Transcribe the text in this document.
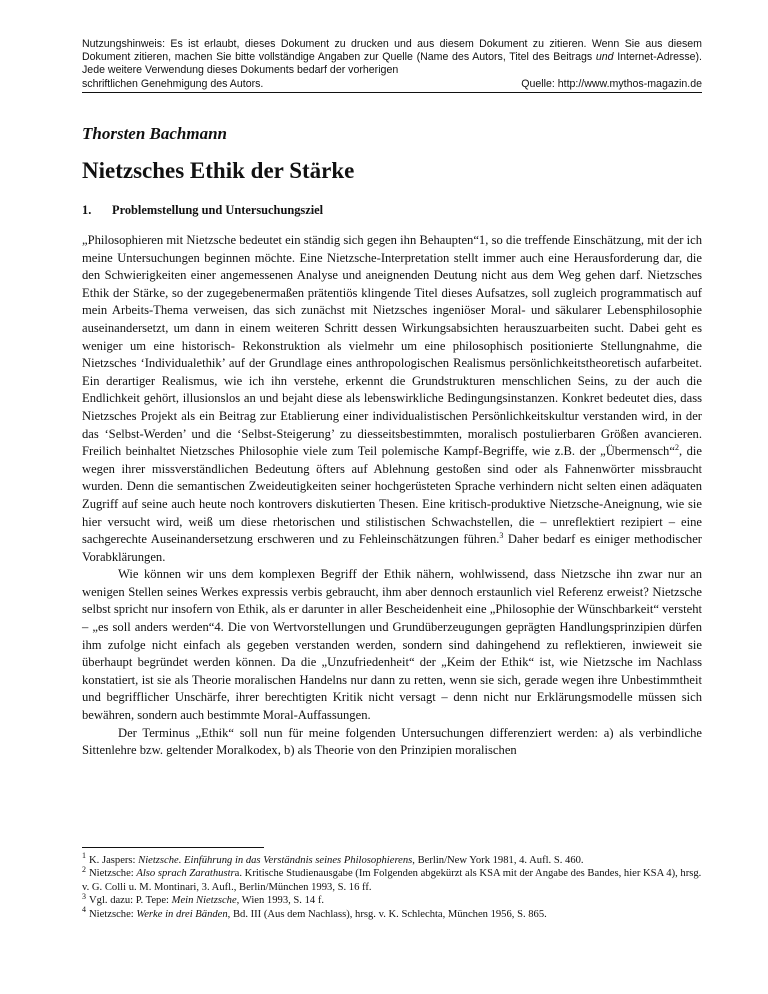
Nutzungshinweis: Es ist erlaubt, dieses Dokument zu drucken und aus diesem Dokument zu zitieren. Wenn Sie aus diesem Dokument zitieren, machen Sie bitte vollständige Angaben zur Quelle (Name des Autors, Titel des Beitrags und Internet-Adresse). Jede weitere Verwendung dieses Dokuments bedarf der vorherigen
schriftlichen Genehmigung des Autors.	Quelle: http://www.mythos-magazin.de
Thorsten Bachmann
Nietzsches Ethik der Stärke
1. Problemstellung und Untersuchungsziel

„Philosophieren mit Nietzsche bedeutet ein ständig sich gegen ihn Behaupten“1, so die treffende Einschätzung, mit der ich meine Untersuchungen beginnen möchte. Eine Nietzsche-Interpretation stellt immer auch eine Herausforderung dar, die den Schwierigkeiten einer angemessenen Analyse und aneignenden Deutung nicht aus dem Weg gehen darf. Nietzsches Ethik der Stärke, so der zugegebenermaßen prätentiös klingende Titel dieses Aufsatzes, soll zugleich programmatisch auf mein Arbeits-Thema verweisen, das sich zunächst mit Nietzsches ingeniöser Moral- und säkularer Lebensphilosophie auseinandersetzt, um dann in einem weiteren Schritt dessen Wirkungsabsichten herauszuarbeiten sucht. Dabei geht es weniger um eine historisch- Rekonstruktion als vielmehr um eine philosophisch positionierte Stellungnahme, die Nietzsches ‘Individualethik’ auf der Grundlage eines anthropologischen Realismus persönlichkeitstheoretisch aufarbeitet. Ein derartiger Realismus, wie ich ihn verstehe, erkennt die Grundstrukturen menschlichen Seins, zu der auch die Endlichkeit gehört, illusionslos an und bejaht diese als lebenswirkliche Bedingungsinstanzen. Konkret bedeutet dies, dass Nietzsches Projekt als ein Beitrag zur Etablierung einer individualistischen Persönlichkeitskultur verstanden wird, in der das ‘Selbst-Werden’ und die ‘Selbst-Steigerung’ zu diesseitsbestimmten, moralisch postulierbaren Größen avancieren. Freilich beinhaltet Nietzsches Philosophie viele zum Teil polemische Kampf-Begriffe, wie z.B. der „Übermensch“$^2$, die wegen ihrer missverständlichen Bedeutung öfters auf Ablehnung gestoßen sind oder als Fahnenwörter missbraucht wurden. Denn die semantischen Zweideutigkeiten seiner hochgerüsteten Sprache verhindern nicht selten einen adäquaten Zugriff auf seine auch heute noch kontrovers diskutierten Thesen. Eine kritisch-produktive Nietzsche-Aneignung, wie sie hier versucht wird, weiß um diese rhetorischen und stilistischen Schwachstellen, die – unreflektiert rezipiert – eine sachgerechte Auseinandersetzung erschweren und zu Fehleinschätzungen führen.$^3$ Daher bedarf es einiger methodischer Vorabklärungen.

Wie können wir uns dem komplexen Begriff der Ethik nähern, wohlwissend, dass Nietzsche ihn zwar nur an wenigen Stellen seines Werkes expressis verbis gebraucht, ihm aber dennoch erstaunlich viel Referenz erweist? Nietzsche selbst spricht nur insofern von Ethik, als er darunter in aller Bescheidenheit eine „Philosophie der Wünschbarkeit“ versteht – „es soll anders werden“4. Die von Wertvorstellungen und Grundüberzeugungen geprägten Handlungsprinzipien dürfen ihm zufolge nicht einfach als gegeben verstanden werden, sondern sind dahingehend zu reflektieren, inwieweit sie überhaupt begründet werden können. Da die „Unzufriedenheit“ der „Keim der Ethik“ ist, wie Nietzsche im Nachlass konstatiert, ist sie als Theorie moralischen Handelns nur dann zu retten, wenn sie sich, gerade wegen ihre Unbestimmtheit und begrifflicher Unschärfe, ihrer berechtigten Kritik nicht versagt – denn nicht nur Erklärungsmodelle müssen sich bewähren, sondern auch bestimmte Moral-Auffassungen.

Der Terminus „Ethik“ soll nun für meine folgenden Untersuchungen differenziert werden: a) als verbindliche Sittenlehre bzw. geltender Moralkodex, b) als Theorie von den Prinzipien moralischen

$^1$ K. Jaspers: Nietzsche. Einführung in das Verständnis seines Philosophierens, Berlin/New York 1981, 4. Aufl. S. 460.

$^2$ Nietzsche: Also sprach Zarathustra. Kritische Studienausgabe (Im Folgenden abgekürzt als KSA mit der Angabe des Bandes, hier KSA 4), hrsg. v. G. Colli u. M. Montinari, 3. Aufl., Berlin/München 1993, S. 16 ff.

$^3$ Vgl. dazu: P. Tepe: Mein Nietzsche, Wien 1993, S. 14 f.

$^4$ Nietzsche: Werke in drei Bänden, Bd. III (Aus dem Nachlass), hrsg. v. K. Schlechta, München 1956, S. 865.
